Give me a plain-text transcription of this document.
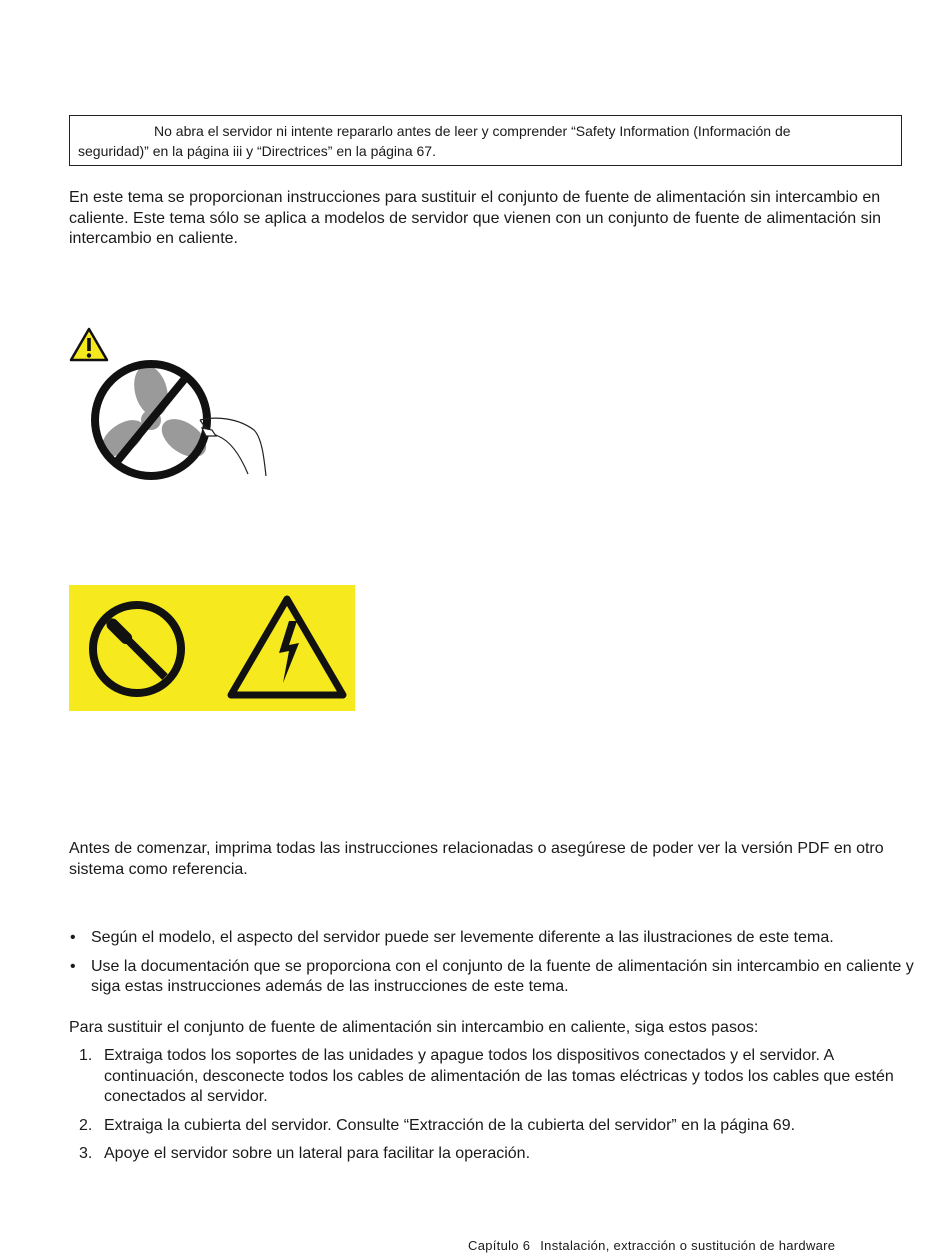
No abra el servidor ni intente repararlo antes de leer y comprender “Safety Information (Información de
seguridad)” en la página iii y “Directrices” en la página 67.

En este tema se proporcionan instrucciones para sustituir el conjunto de fuente de alimentación sin intercambio en caliente. Este tema sólo se aplica a modelos de servidor que vienen con un conjunto de fuente de alimentación sin intercambio en caliente.

Antes de comenzar, imprima todas las instrucciones relacionadas o asegúrese de poder ver la versión PDF en otro sistema como referencia.

• Según el modelo, el aspecto del servidor puede ser levemente diferente a las ilustraciones de este tema.
• Use la documentación que se proporciona con el conjunto de la fuente de alimentación sin intercambio en caliente y siga estas instrucciones además de las instrucciones de este tema.

Para sustituir el conjunto de fuente de alimentación sin intercambio en caliente, siga estos pasos:

1. Extraiga todos los soportes de las unidades y apague todos los dispositivos conectados y el servidor. A continuación, desconecte todos los cables de alimentación de las tomas eléctricas y todos los cables que estén conectados al servidor.
2. Extraiga la cubierta del servidor. Consulte “Extracción de la cubierta del servidor” en la página 69.
3. Apoye el servidor sobre un lateral para facilitar la operación.
Capítulo 6 Instalación, extracción o sustitución de hardware
